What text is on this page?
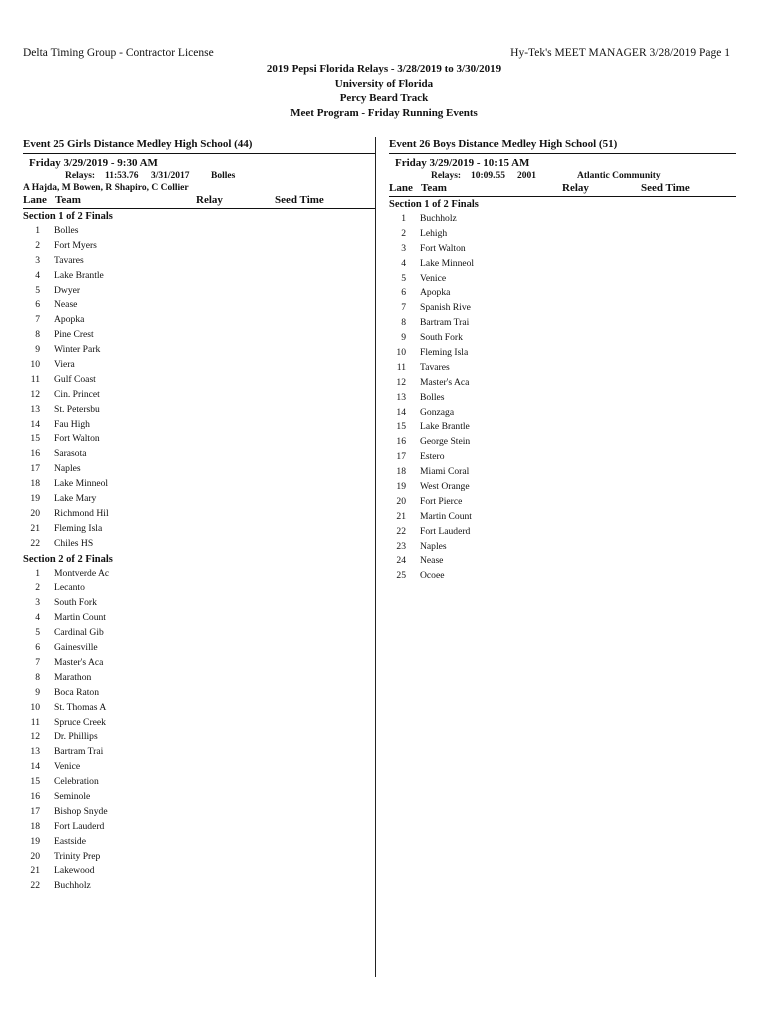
Delta Timing Group - Contractor License	Hy-Tek's MEET MANAGER 3/28/2019 Page 1
2019 Pepsi Florida Relays - 3/28/2019 to 3/30/2019
University of Florida
Percy Beard Track
Meet Program - Friday Running Events
Event 25 Girls Distance Medley High School (44)
Friday 3/29/2019 - 9:30 AM
Relays: 11:53.76 3/31/2017 Bolles
A Hajda, M Bowen, R Shapiro, C Collier
Lane Team	Relay	Seed Time
Section 1 of 2 Finals
1 Bolles
2 Fort Myers
3 Tavares
4 Lake Brantle
5 Dwyer
6 Nease
7 Apopka
8 Pine Crest
9 Winter Park
10 Viera
11 Gulf Coast
12 Cin. Princet
13 St. Petersbu
14 Fau High
15 Fort Walton
16 Sarasota
17 Naples
18 Lake Minneol
19 Lake Mary
20 Richmond Hil
21 Fleming Isla
22 Chiles HS
Section 2 of 2 Finals
1 Montverde Ac
2 Lecanto
3 South Fork
4 Martin Count
5 Cardinal Gib
6 Gainesville
7 Master's Aca
8 Marathon
9 Boca Raton
10 St. Thomas A
11 Spruce Creek
12 Dr. Phillips
13 Bartram Trai
14 Venice
15 Celebration
16 Seminole
17 Bishop Snyde
18 Fort Lauderd
19 Eastside
20 Trinity Prep
21 Lakewood
22 Buchholz
Event 26 Boys Distance Medley High School (51)
Friday 3/29/2019 - 10:15 AM
Relays: 10:09.55 2001	Atlantic Community
Lane Team	Relay	Seed Time
Section 1 of 2 Finals
1 Buchholz
2 Lehigh
3 Fort Walton
4 Lake Minneol
5 Venice
6 Apopka
7 Spanish Rive
8 Bartram Trai
9 South Fork
10 Fleming Isla
11 Tavares
12 Master's Aca
13 Bolles
14 Gonzaga
15 Lake Brantle
16 George Stein
17 Estero
18 Miami Coral
19 West Orange
20 Fort Pierce
21 Martin Count
22 Fort Lauderd
23 Naples
24 Nease
25 Ocoee
